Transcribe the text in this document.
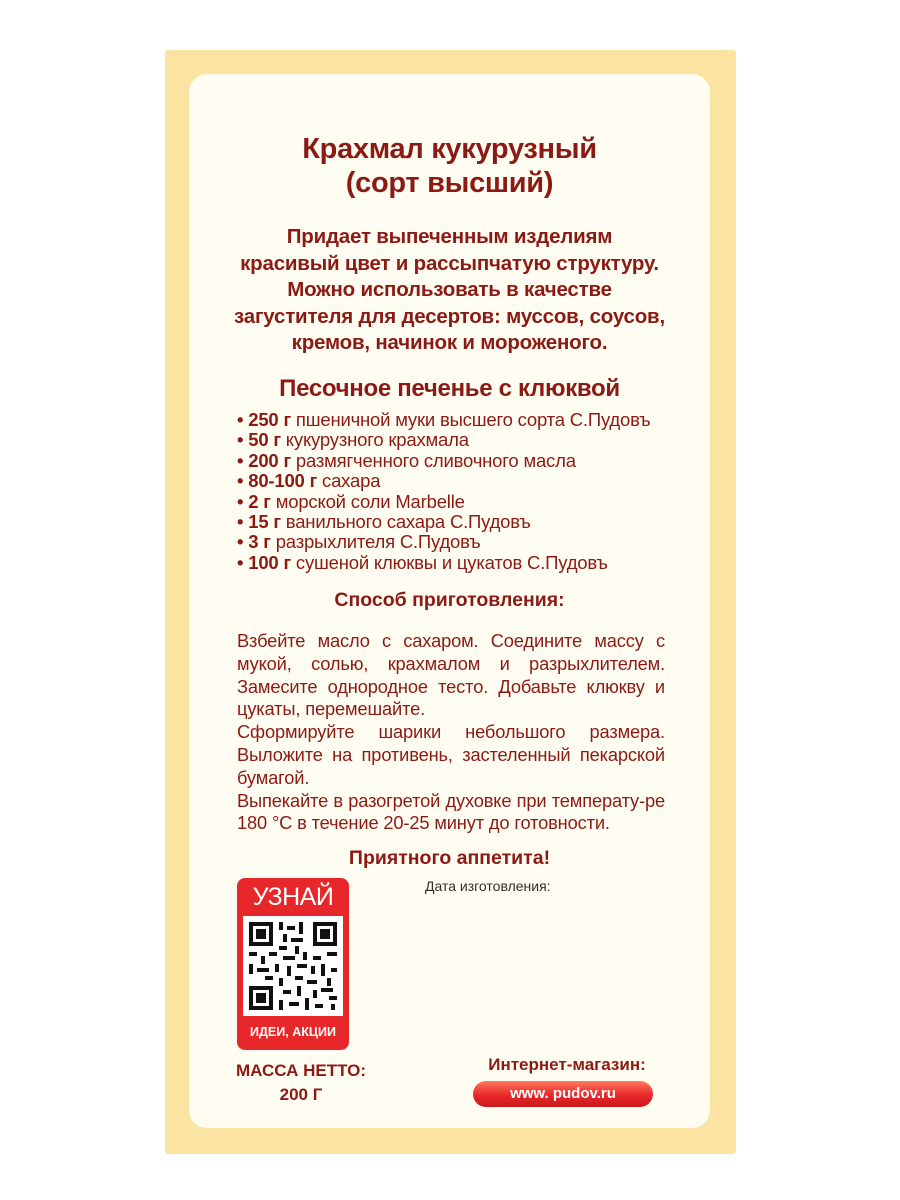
Крахмал кукурузный
(сорт высший)
Придает выпеченным изделиям
красивый цвет и рассыпчатую структуру.
Можно использовать в качестве
загустителя для десертов: муссов, соусов,
кремов, начинок и мороженого.
Песочное печенье с клюквой
• 250 г пшеничной муки высшего сорта С.Пудовъ
• 50 г кукурузного крахмала
• 200 г размягченного сливочного масла
• 80-100 г сахара
• 2 г морской соли Marbelle
• 15 г ванильного сахара С.Пудовъ
• 3 г разрыхлителя С.Пудовъ
• 100 г сушеной клюквы и цукатов С.Пудовъ
Способ приготовления:

Взбейте масло с сахаром. Соедините массу с мукой, солью, крахмалом и разрыхлителем. Замесите однородное тесто. Добавьте клюкву и цукаты, перемешайте.

Сформируйте шарики небольшого размера. Выложите на противень, застеленный пекарской бумагой.

Выпекайте в разогретой духовке при температу-ре 180 °С в течение 20-25 минут до готовности.

Приятного аппетита!
УЗНАЙ
ИДЕИ, АКЦИИ
Дата изготовления:
МАССА НЕТТО:
200 Г
Интернет-магазин:
www. pudov.ru
